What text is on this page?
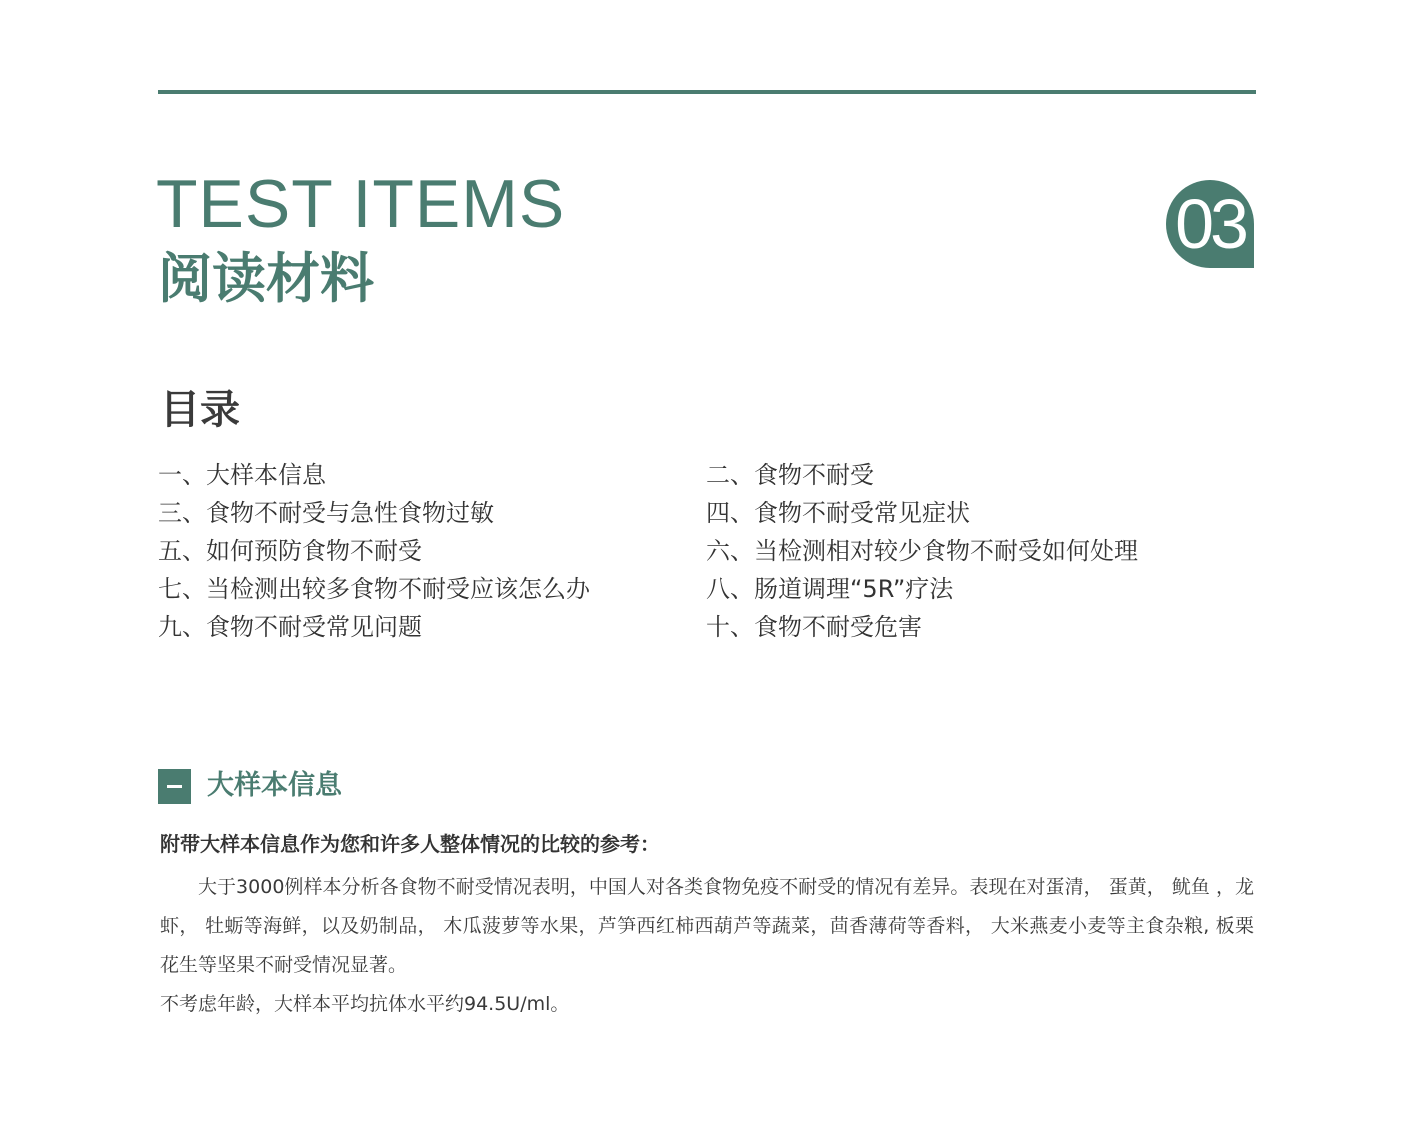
TEST ITEMS
阅读材料
03
目录
一、大样本信息	二、食物不耐受
三、食物不耐受与急性食物过敏	四、食物不耐受常见症状
五、如何预防食物不耐受	六、当检测相对较少食物不耐受如何处理
七、当检测出较多食物不耐受应该怎么办	八、肠道调理“5R”疗法
九、食物不耐受常见问题	十、食物不耐受危害
大样本信息
附带大样本信息作为您和许多人整体情况的比较的参考：

大于3000例样本分析各食物不耐受情况表明，中国人对各类食物免疫不耐受的情况有差异。表现在对蛋清， 蛋黄， 鱿鱼 ，龙虾， 牡蛎等海鲜，以及奶制品， 木瓜菠萝等水果，芦笋西红柿西葫芦等蔬菜，茴香薄荷等香料， 大米燕麦小麦等主食杂粮, 板栗花生等坚果不耐受情况显著。

不考虑年龄，大样本平均抗体水平约94.5U/ml。
